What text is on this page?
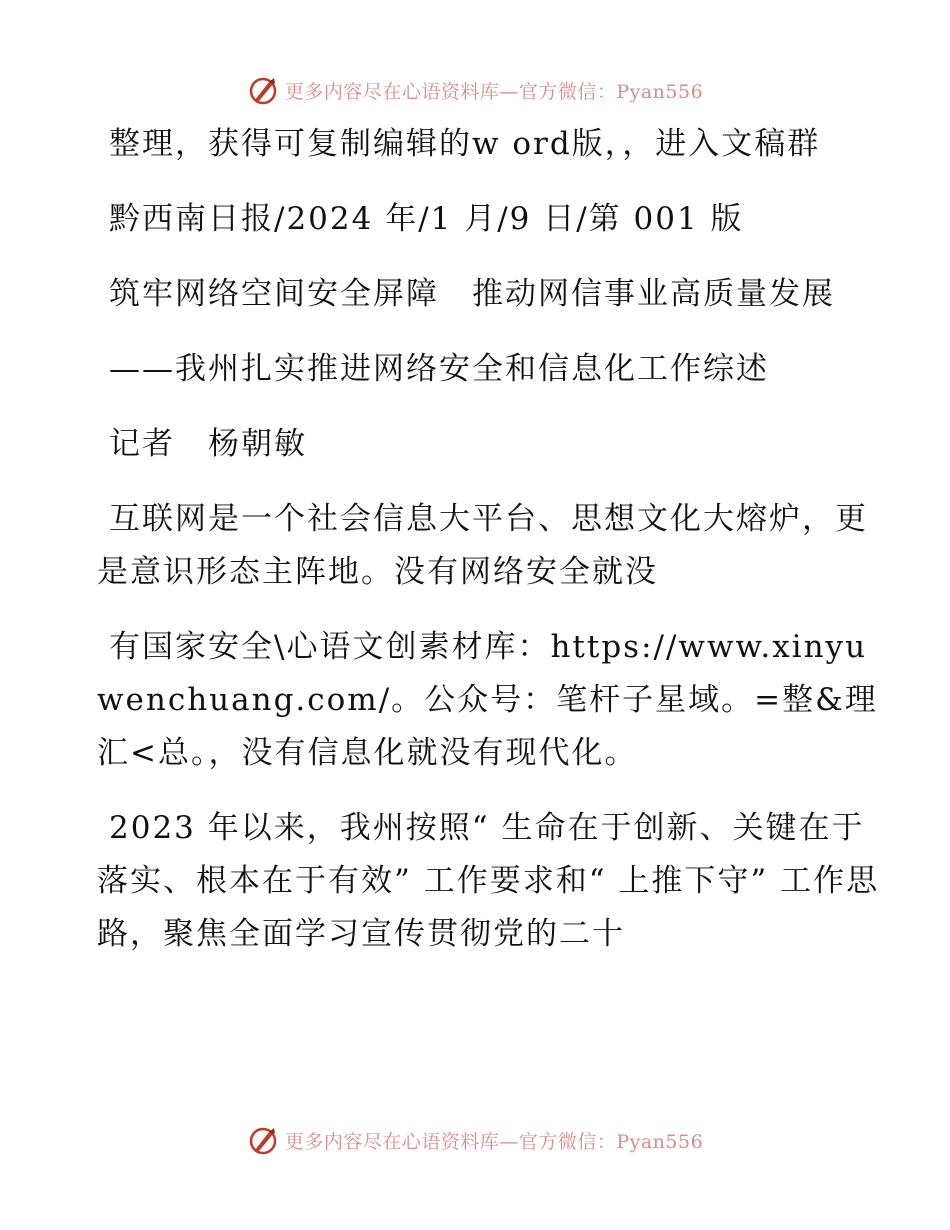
更多内容尽在心语资料库—官方微信：Pyan556

整理，获得可复制编辑的w ord版，，进入文稿群

黔西南日报/2024 年/1 月/9 日/第 001 版

筑牢网络空间安全屏障　推动网信事业高质量发展

——我州扎实推进网络安全和信息化工作综述

记者　杨朝敏

互联网是一个社会信息大平台、思想文化大熔炉，更是意识形态主阵地。没有网络安全就没

有国家安全\心语文创素材库：https://www.xinyuwenchuang.com/。公众号：笔杆子星域。=整&理汇<总。，没有信息化就没有现代化。

2023 年以来，我州按照“ 生命在于创新、关键在于落实、根本在于有效” 工作要求和“ 上推下守” 工作思路，聚焦全面学习宣传贯彻党的二十

更多内容尽在心语资料库—官方微信：Pyan556
